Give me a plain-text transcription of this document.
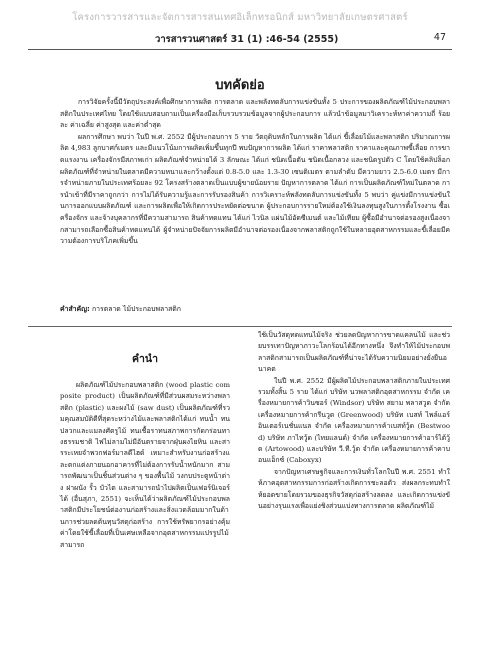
โครงการวารสารและจัดการสารสนเทศอิเล็กทรอนิกส์ มหาวิทยาลัยเกษตรศาสตร์
วารสารวนศาสตร์ 31 (1) :46-54 (2555)	47
บทคัดย่อ

การวิจัยครั้งนี้มีวัตถุประสงค์เพื่อศึกษาการผลิต การตลาด และพลังทดลับการแข่งขันทั้ง 5 ประการของผลิตภัณฑ์ไม้ประกอบพลาสติกในประเทศไทย โดยใช้แบบสอบถามเป็นเครื่องมือเก็บรวบรวมข้อมูลจากผู้ประกอบการ แล้วนำข้อมูลมาวิเคราะห์หาค่าความถี่ ร้อยละ ค่าเฉลี่ย ค่าสูงสุด และค่าต่ำสุด

ผลการศึกษา พบว่า ในปี พ.ศ. 2552 มีผู้ประกอบการ 5 ราย วัตถุดิบหลักในการผลิต ได้แก่ ขี้เลื่อยไม้และพลาสติก ปริมาณการผลิต 4,983 ลูกบาศก์เมตร และมีแนวโน้มการผลิตเพิ่มขึ้นทุกปี พบปัญหาการผลิต ได้แก่ ราคาพลาสติก ราคาและคุณภาพขี้เลื่อย การขาดแรงงาน เครื่องจักรมีสภาพเก่า ผลิตภัณฑ์จำหน่ายได้ 3 ลักษณะ ได้แก่ ชนิดเนื้อตัน ชนิดเนื้อกลวง และชนิดรูปตัว C โดยใช้คลิปล็อก ผลิตภัณฑ์ที่จำหน่ายในตลาดมีความหนาและกว้างตั้งแต่ 0.8-5.0 และ 1.3-30 เซนติเมตร ตามลำดับ มีความยาว 2.5-6.0 เมตร มีการจำหน่ายภายในประเทศร้อยละ 92 โครงสร้างตลาดเป็นแบบผู้ขายน้อยราย ปัญหาการตลาด ได้แก่ การเป็นผลิตภัณฑ์ใหม่ในตลาด การนำเข้าที่มีราคาถูกกว่า การไม่ได้รับความรู้และการรับรองสินค้า การวิเคราะห์พลังทดลับการแข่งขันทั้ง 5 พบว่า คู่แข่งมีการแข่งขันในการออกแบบผลิตภัณฑ์ และการผลิตเพื่อให้เกิดการประหยัดต่อขนาด ผู้ประกอบการรายใหม่ต้องใช้เงินลงทุนสูงในการตั้งโรงงาน ซื้อเครื่องจักร และจ้างบุคลากรที่มีความสามารถ สินค้าทดแทน ได้แก่ ไวนิล แผ่นไม้อัดซีเมนต์ และไม้เทียม ผู้ซื้อมีอำนาจต่อรองสูงเนื่องจากสามารถเลือกซื้อสินค้าทดแทนได้ ผู้จำหน่ายปัจจัยการผลิตมีอำนาจต่อรองเนื่องจากพลาสติกถูกใช้ในหลายอุตสาหกรรมและขี้เลื่อยมีความต้องการบริโภคเพิ่มขึ้น

คำสำคัญ: การตลาด ไม้ประกอบพลาสติก
คำนำ

ผลิตภัณฑ์ไม้ประกอบพลาสติก (wood plastic composite product) เป็นผลิตภัณฑ์ที่มีส่วนผสมระหว่างพลาสติก (plastic) และผงไม้ (saw dust) เป็นผลิตภัณฑ์ที่รวมคุณสมบัติดีที่สุดระหว่างไม้และพลาสติกได้แก่ ทนน้ำ ทนปลวกและแมลงศัตรูไม้ ทนเชื้อราทนสภาพการกัดกร่อนทางธรรมชาติ ไฟไม่ลามไม่มีอันตรายจากฝุ่นผงไยหิน และสารระเหยจำพวกฟอร์มาลดีไฮด์ เหมาะสำหรับงานก่อสร้างและตกแต่งภายนอกอาคารที่ไม่ต้องการรับน้ำหนักมาก สามารถพัฒนาเป็นชิ้นส่วนต่าง ๆ ของพื้นไม้ วงกบประตูหน้าต่าง ฝาผนัง รั้ว บัวไต และสามารถนำไปผลิตเป็นเฟอร์นิเจอร์ได้ (อื่นสุภา, 2551) จะเห็นได้ว่าผลิตภัณฑ์ไม้ประกอบพลาสติกมีประโยชน์ต่องานก่อสร้างและสิ่งแวดล้อมมากในด้านการช่วยลดต้นทุนวัสดุก่อสร้าง การใช้ทรัพยากรอย่างคุ้มค่าโดยใช้ขี้เลื่อยที่เป็นเศษเหลือจากอุตสาหกรรมแปรรูปไม้ สามารถ

ใช้เป็นวัสดุทดแทนไม้จริง ช่วยลดปัญหาการขาดแคลนไม้ และช่วยบรรเทาปัญหาภาวะโลกร้อนได้อีกทางหนึ่ง จึงทำให้ไม้ประกอบพลาสติกสามารถเป็นผลิตภัณฑ์ที่น่าจะได้รับความนิยมอย่างยั่งยืนอนาคต

ในปี พ.ศ. 2552 มีผู้ผลิตไม้ประกอบพลาสติกภายในประเทศ รวมทั้งสิ้น 5 ราย ได้แก่ บริษัท นวพลาสติกอุตสาหกรรม จำกัด เครื่องหมายการค้าวินซอร์ (Windsor) บริษัท สยาม พลาสวูด จำกัด เครื่องหมายการค้ากรีนวูด (Greenwood) บริษัท เบสท์ ไพล์แอร์ อินเตอร์เนชั่นแนล จำกัด เครื่องหมายการค้าเบสท์วู้ด (Bestwood) บริษัท ภาไทวู้ด (ไทยแลนด์) จำกัด เครื่องหมายการค้าอาร์ไต้วู้ด (Artowood) และบริษัท วี.ที.วู้ด จำกัด เครื่องหมายการค้าคาบอนแอ็กซ์ (Caboxyx)

จากปัญหาเศรษฐกิจและการเงินทั่วโลกในปี พ.ศ. 2551 ทำให้ภาคอุตสาหกรรมการก่อสร้างเกิดการชะลอตัว ส่งผลกระทบทำให้ยอดขายโดยรวมของธุรกิจวัสดุก่อสร้างลดลง และเกิดการแข่งขันอย่างรุนแรงเพื่อแย่งชิงส่วนแบ่งทางการตลาด ผลิตภัณฑ์ไม้
